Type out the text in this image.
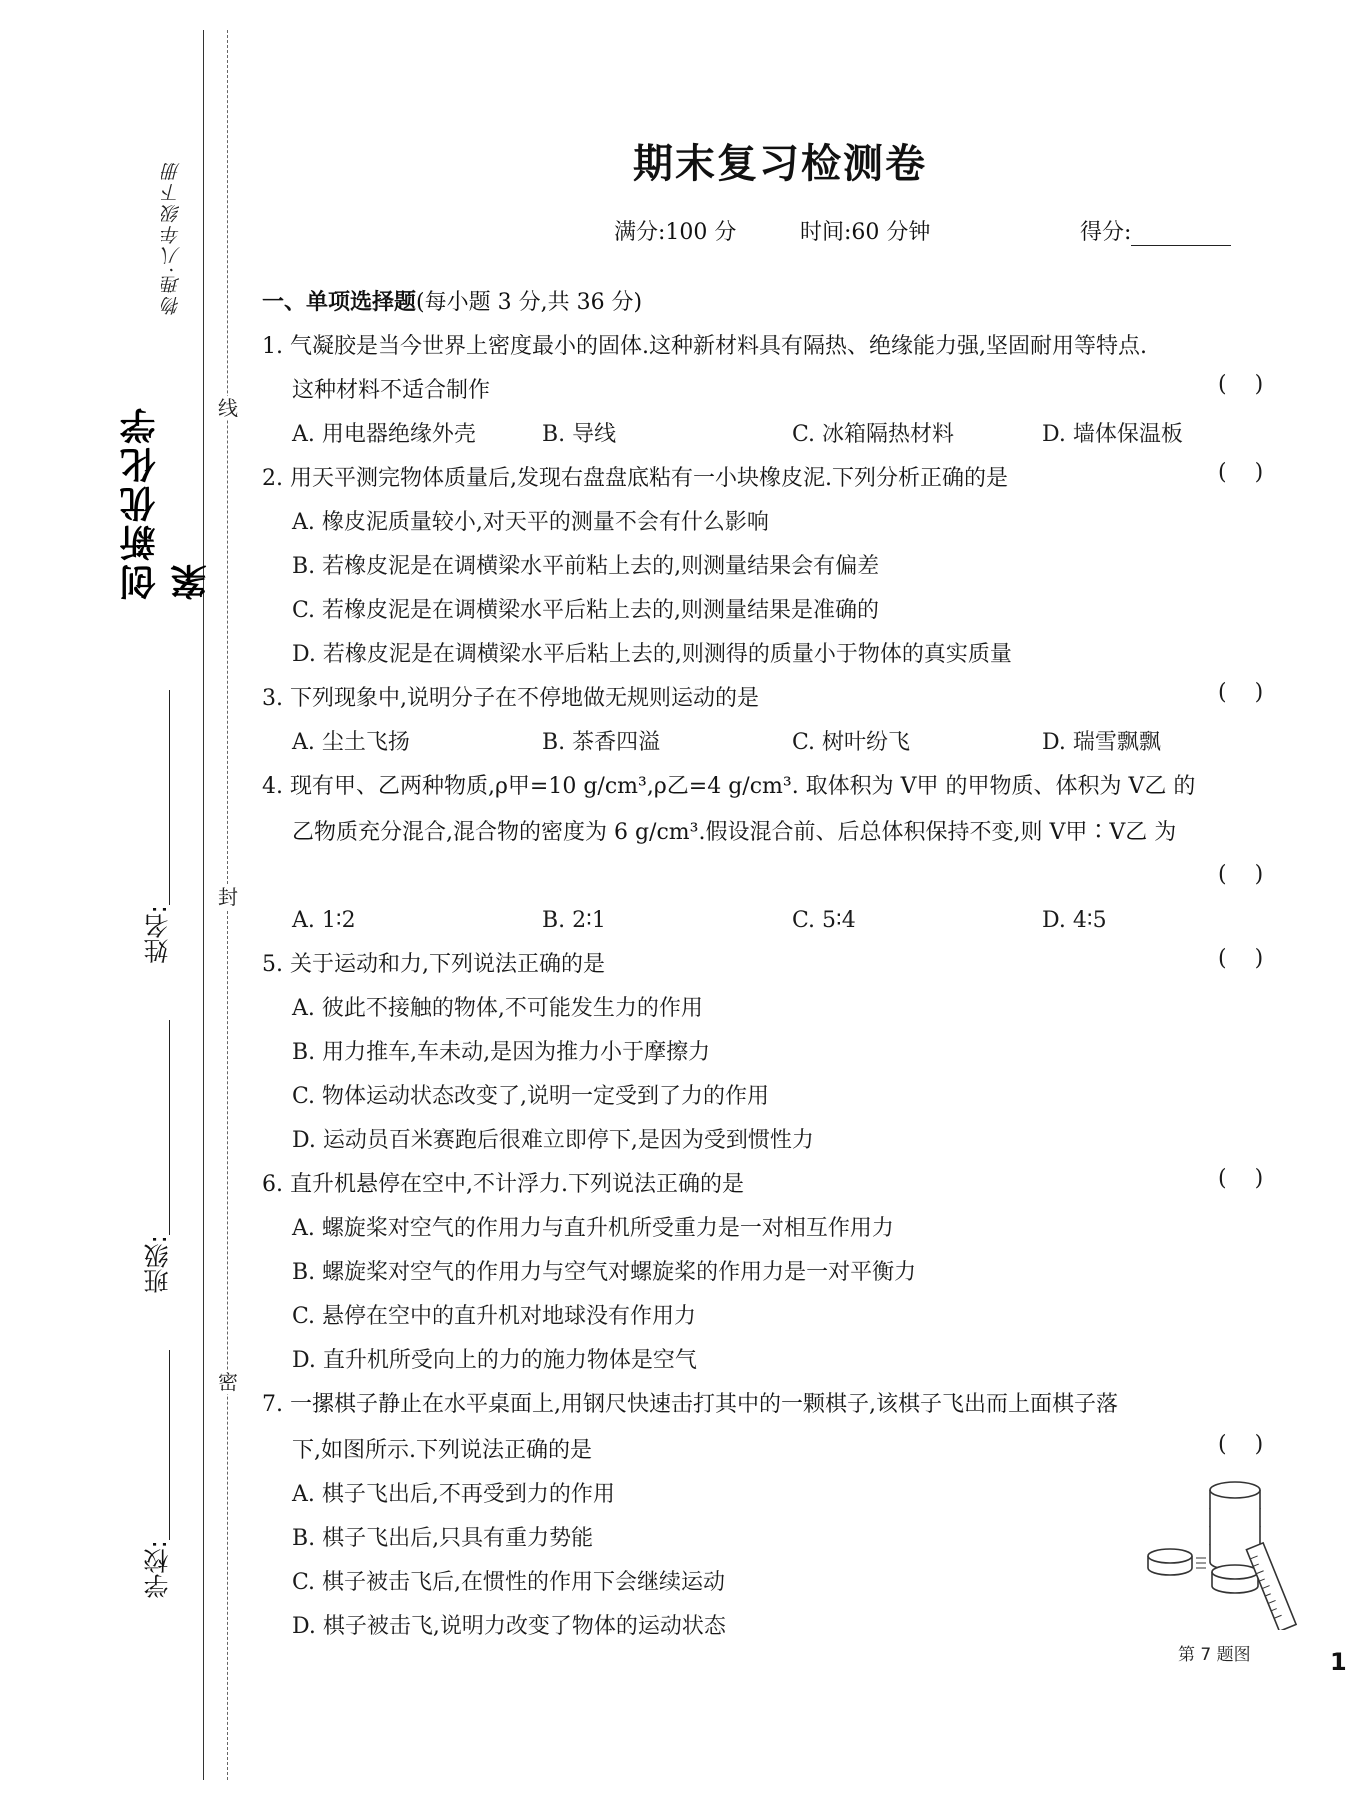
线
封
密
物理·八年级下册
创新优化学案
姓名:
班级:
学校:
期末复习检测卷
满分:100 分	时间:60 分钟	得分:
一、单项选择题(每小题 3 分,共 36 分)
1. 气凝胶是当今世界上密度最小的固体.这种新材料具有隔热、绝缘能力强,坚固耐用等特点.
这种材料不适合制作	()
A. 用电器绝缘外壳	B. 导线	C. 冰箱隔热材料	D. 墙体保温板
2. 用天平测完物体质量后,发现右盘盘底粘有一小块橡皮泥.下列分析正确的是	()
A. 橡皮泥质量较小,对天平的测量不会有什么影响
B. 若橡皮泥是在调横梁水平前粘上去的,则测量结果会有偏差
C. 若橡皮泥是在调横梁水平后粘上去的,则测量结果是准确的
D. 若橡皮泥是在调横梁水平后粘上去的,则测得的质量小于物体的真实质量
3. 下列现象中,说明分子在不停地做无规则运动的是	()
A. 尘土飞扬	B. 茶香四溢	C. 树叶纷飞	D. 瑞雪飘飘
4. 现有甲、乙两种物质,ρ甲=10 g/cm³,ρ乙=4 g/cm³. 取体积为 V甲 的甲物质、体积为 V乙 的
乙物质充分混合,混合物的密度为 6 g/cm³.假设混合前、后总体积保持不变,则 V甲∶V乙 为
()
A. 1∶2	B. 2∶1	C. 5∶4	D. 4∶5
5. 关于运动和力,下列说法正确的是	()
A. 彼此不接触的物体,不可能发生力的作用
B. 用力推车,车未动,是因为推力小于摩擦力
C. 物体运动状态改变了,说明一定受到了力的作用
D. 运动员百米赛跑后很难立即停下,是因为受到惯性力
6. 直升机悬停在空中,不计浮力.下列说法正确的是	()
A. 螺旋桨对空气的作用力与直升机所受重力是一对相互作用力
B. 螺旋桨对空气的作用力与空气对螺旋桨的作用力是一对平衡力
C. 悬停在空中的直升机对地球没有作用力
D. 直升机所受向上的力的施力物体是空气
7. 一摞棋子静止在水平桌面上,用钢尺快速击打其中的一颗棋子,该棋子飞出而上面棋子落
下,如图所示.下列说法正确的是	()
A. 棋子飞出后,不再受到力的作用
B. 棋子飞出后,只具有重力势能
C. 棋子被击飞后,在惯性的作用下会继续运动
D. 棋子被击飞,说明力改变了物体的运动状态
第 7 题图	1
